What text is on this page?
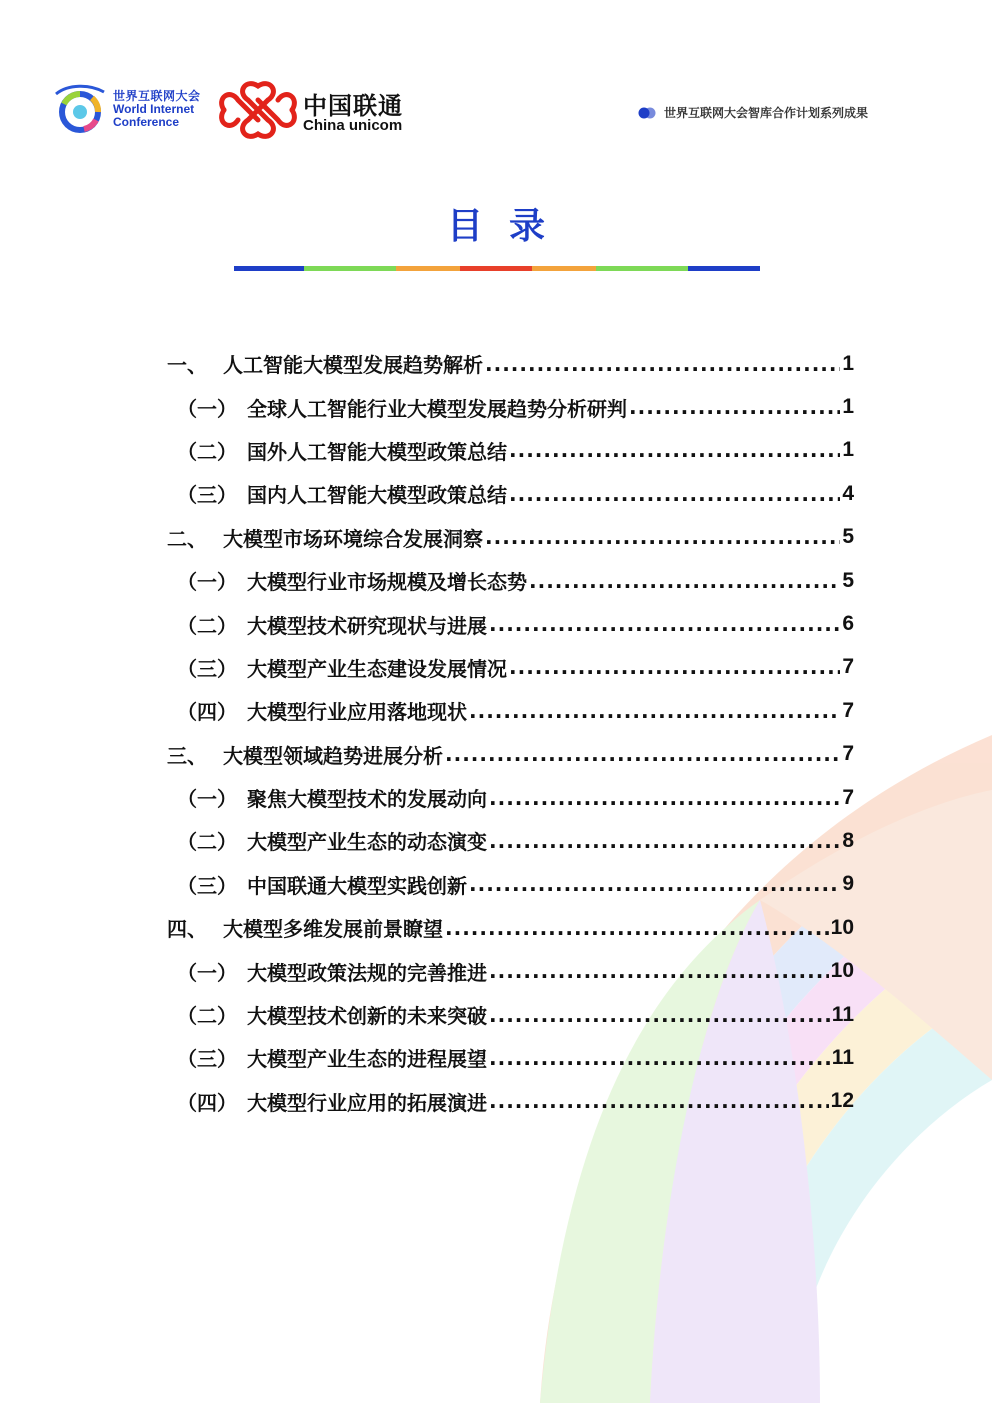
世界互联网大会
World Internet
Conference
中国联通
China unicom
世界互联网大会智库合作计划系列成果
目录
一、 人工智能大模型发展趋势解析 .....	1
（一） 全球人工智能行业大模型发展趋势分析研判 .....	1
（二） 国外人工智能大模型政策总结 .....	1
（三） 国内人工智能大模型政策总结 .....	4
二、 大模型市场环境综合发展洞察 .....	5
（一） 大模型行业市场规模及增长态势 .....	5
（二） 大模型技术研究现状与进展 .....	6
（三） 大模型产业生态建设发展情况 .....	7
（四） 大模型行业应用落地现状 .....	7
三、 大模型领域趋势进展分析 .....	7
（一） 聚焦大模型技术的发展动向 .....	7
（二） 大模型产业生态的动态演变 .....	8
（三） 中国联通大模型实践创新 .....	9
四、 大模型多维发展前景瞭望 .....	10
（一） 大模型政策法规的完善推进 .....	10
（二） 大模型技术创新的未来突破 .....	11
（三） 大模型产业生态的进程展望 .....	11
（四） 大模型行业应用的拓展演进 .....	12
